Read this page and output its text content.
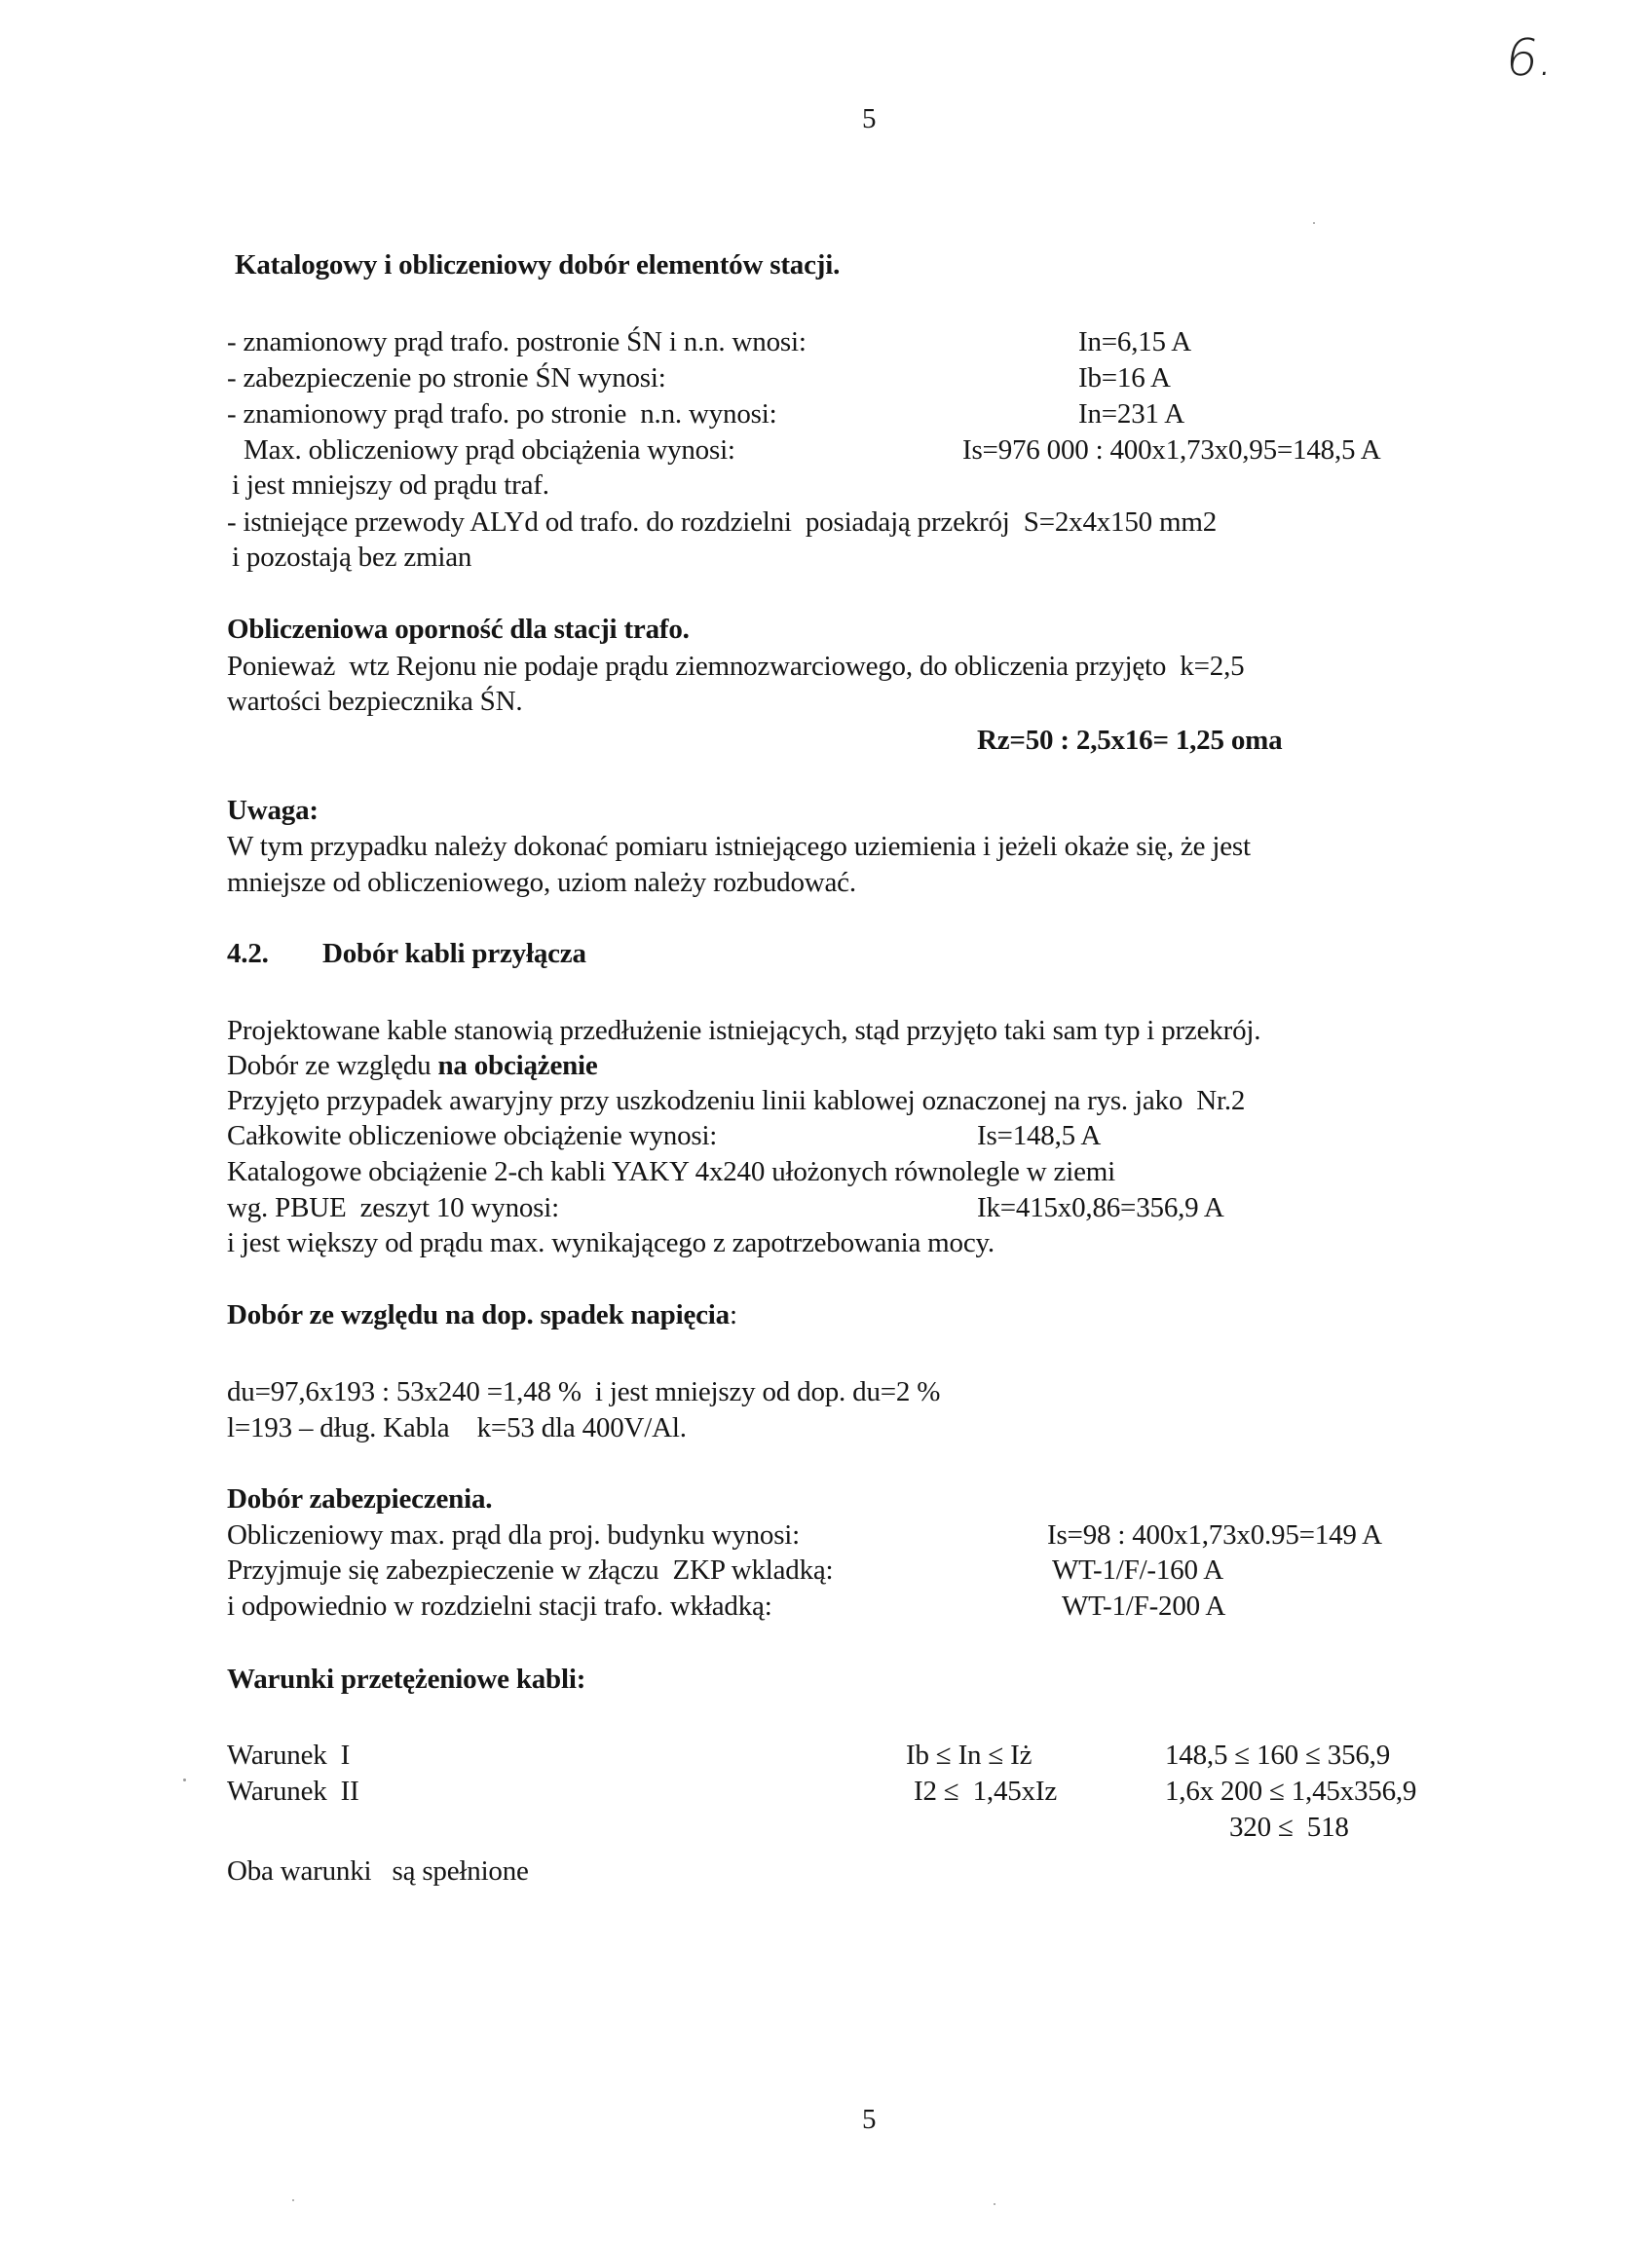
6.
5
Katalogowy i obliczeniowy dobór elementów stacji.
- znamionowy prąd trafo. postronie ŚN i n.n. wnosi:	In=6,15 A
- zabezpieczenie po stronie ŚN wynosi:	Ib=16 A
- znamionowy prąd trafo. po stronie  n.n. wynosi:	In=231 A
Max. obliczeniowy prąd obciążenia wynosi:	Is=976 000 : 400x1,73x0,95=148,5 A
i jest mniejszy od prądu traf.
- istniejące przewody ALYd od trafo. do rozdzielni  posiadają przekrój  S=2x4x150 mm2
i pozostają bez zmian
Obliczeniowa oporność dla stacji trafo.
Ponieważ  wtz Rejonu nie podaje prądu ziemnozwarciowego, do obliczenia przyjęto  k=2,5
wartości bezpiecznika ŚN.
Rz=50 : 2,5x16= 1,25 oma
Uwaga:
W tym przypadku należy dokonać pomiaru istniejącego uziemienia i jeżeli okaże się, że jest
mniejsze od obliczeniowego, uziom należy rozbudować.
4.2. Dobór kabli przyłącza
Projektowane kable stanowią przedłużenie istniejących, stąd przyjęto taki sam typ i przekrój.
Dobór ze względu na obciążenie
Przyjęto przypadek awaryjny przy uszkodzeniu linii kablowej oznaczonej na rys. jako  Nr.2
Całkowite obliczeniowe obciążenie wynosi:	Is=148,5 A
Katalogowe obciążenie 2-ch kabli YAKY 4x240 ułożonych równolegle w ziemi
wg. PBUE  zeszyt 10 wynosi:	Ik=415x0,86=356,9 A
i jest większy od prądu max. wynikającego z zapotrzebowania mocy.
Dobór ze względu na dop. spadek napięcia:
du=97,6x193 : 53x240 =1,48 %  i jest mniejszy od dop. du=2 %
l=193 – dług. Kabla    k=53 dla 400V/Al.
Dobór zabezpieczenia.
Obliczeniowy max. prąd dla proj. budynku wynosi:	Is=98 : 400x1,73x0.95=149 A
Przyjmuje się zabezpieczenie w złączu  ZKP wkladką:	WT-1/F/-160 A
i odpowiednio w rozdzielni stacji trafo. wkładką:	WT-1/F-200 A
Warunki przetężeniowe kabli:
Warunek  I	Ib ≤ In ≤ Iż	148,5 ≤ 160 ≤ 356,9
Warunek  II	I2 ≤  1,45xIz	1,6x 200 ≤ 1,45x356,9
320 ≤  518
Oba warunki   są spełnione
5
